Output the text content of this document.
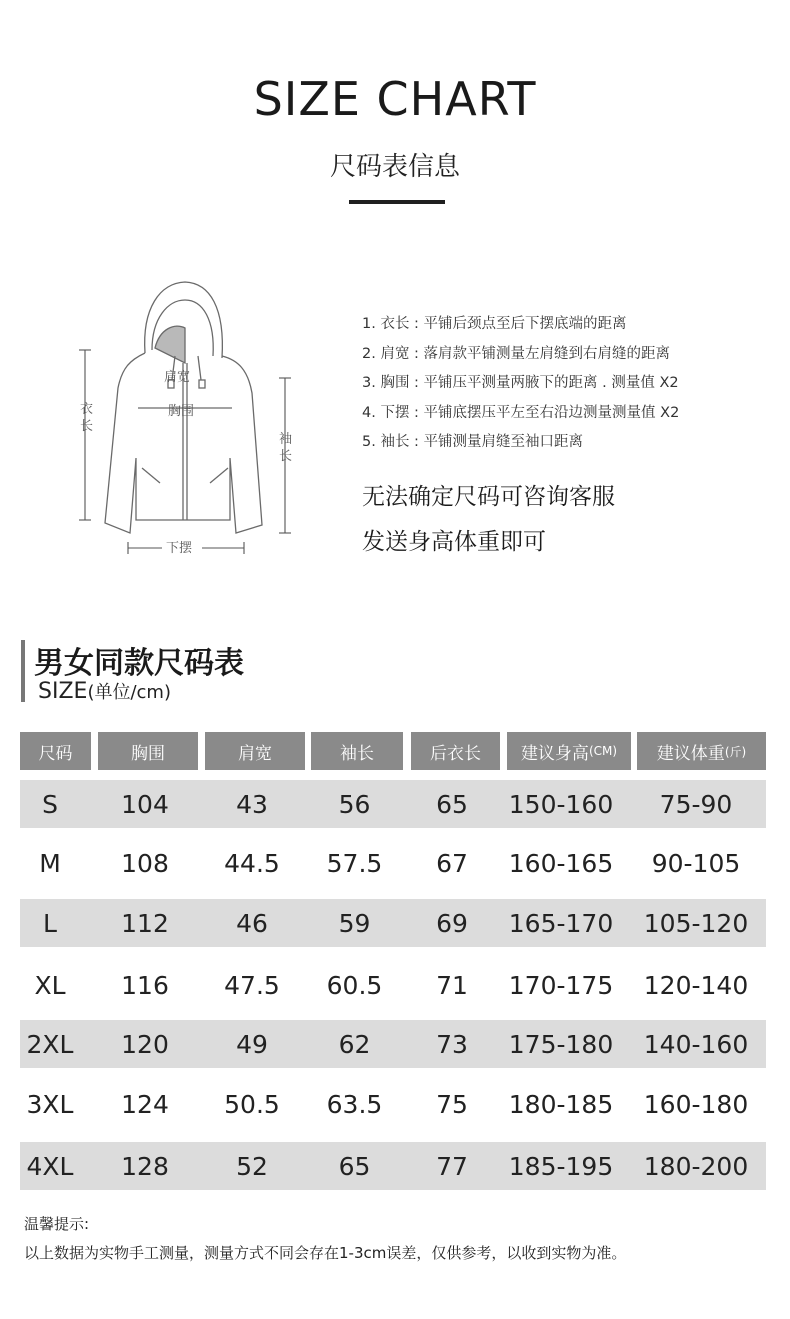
SIZE CHART
尺码表信息
肩宽
胸围
下摆
衣
长
袖
长
1. 衣长 : 平铺后颈点至后下摆底端的距离
2. 肩宽 : 落肩款平铺测量左肩缝到右肩缝的距离
3. 胸围 : 平铺压平测量两腋下的距离 . 测量值 X2
4. 下摆 : 平铺底摆压平左至右沿边测量测量值 X2
5. 袖长 : 平铺测量肩缝至袖口距离
无法确定尺码可咨询客服
发送身高体重即可
男女同款尺码表
SIZE(单位/cm)
尺码	胸围	肩宽	袖长	后衣长	建议身高 (CM) 建议体重 (斤)
S	104	43	56	65	150-160	75-90
M	108	44.5	57.5	67	160-165	90-105
L	112	46	59	69	165-170	105-120
XL	116	47.5	60.5	71	170-175	120-140
2XL	120	49	62	73	175-180	140-160
3XL	124	50.5	63.5	75	180-185	160-180
4XL	128	52	65	77	185-195	180-200
温馨提示:
以上数据为实物手工测量，测量方式不同会存在1-3cm误差，仅供参考，以收到实物为准。
